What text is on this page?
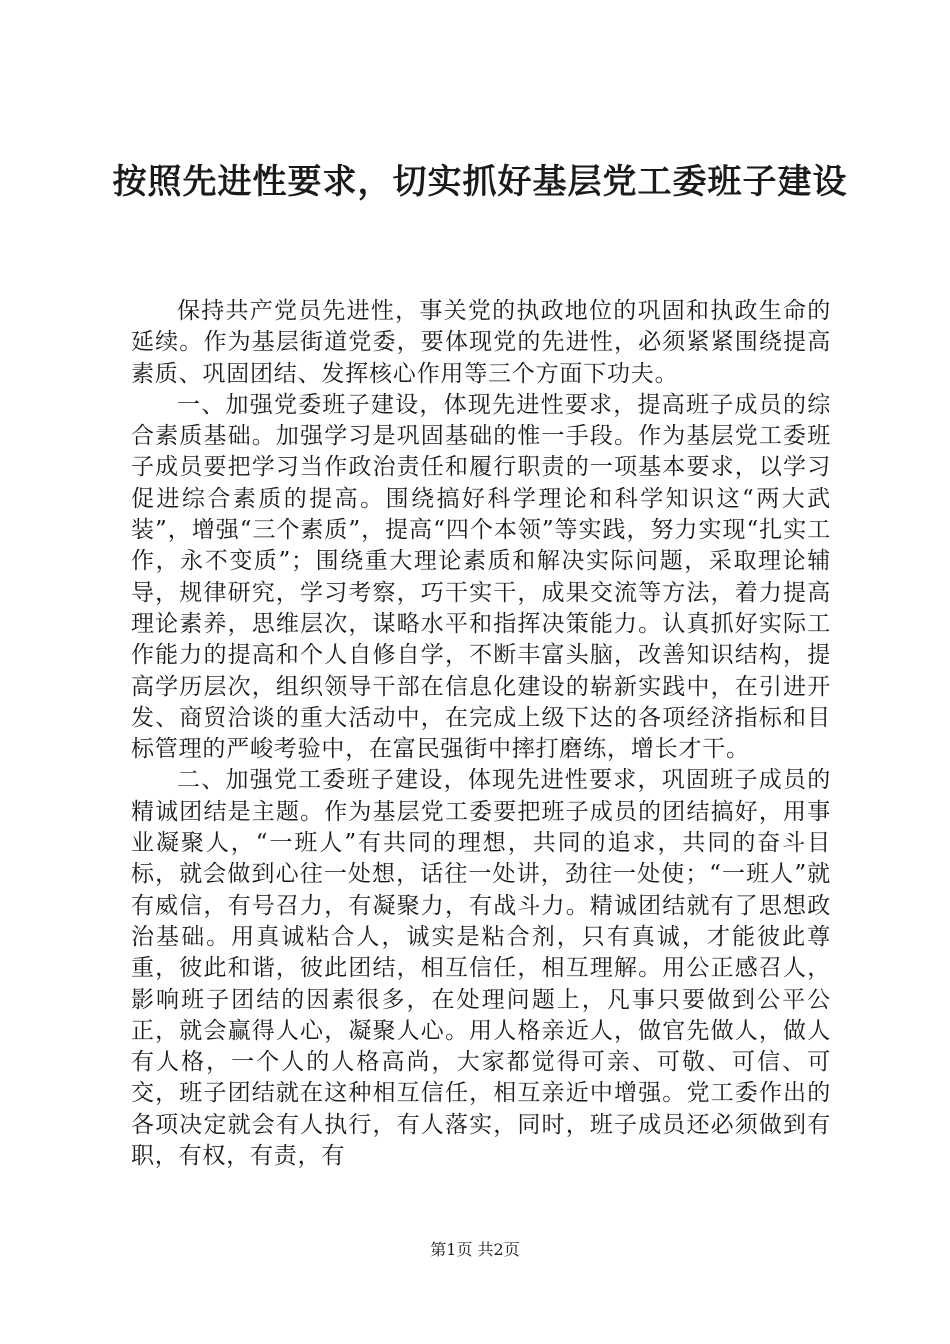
按照先进性要求，切实抓好基层党工委班子建设

保持共产党员先进性，事关党的执政地位的巩固和执政生命的延续。作为基层街道党委，要体现党的先进性，必须紧紧围绕提高素质、巩固团结、发挥核心作用等三个方面下功夫。

一、加强党委班子建设，体现先进性要求，提高班子成员的综合素质基础。加强学习是巩固基础的惟一手段。作为基层党工委班子成员要把学习当作政治责任和履行职责的一项基本要求，以学习促进综合素质的提高。围绕搞好科学理论和科学知识这“两大武装”，增强“三个素质”，提高“四个本领”等实践，努力实现“扎实工作，永不变质”；围绕重大理论素质和解决实际问题，采取理论辅导，规律研究，学习考察，巧干实干，成果交流等方法，着力提高理论素养，思维层次，谋略水平和指挥决策能力。认真抓好实际工作能力的提高和个人自修自学，不断丰富头脑，改善知识结构，提高学历层次，组织领导干部在信息化建设的崭新实践中，在引进开发、商贸洽谈的重大活动中，在完成上级下达的各项经济指标和目标管理的严峻考验中，在富民强街中摔打磨练，增长才干。

二、加强党工委班子建设，体现先进性要求，巩固班子成员的精诚团结是主题。作为基层党工委要把班子成员的团结搞好，用事业凝聚人，“一班人”有共同的理想，共同的追求，共同的奋斗目标，就会做到心往一处想，话往一处讲，劲往一处使；“一班人”就有威信，有号召力，有凝聚力，有战斗力。精诚团结就有了思想政治基础。用真诚粘合人，诚实是粘合剂，只有真诚，才能彼此尊重，彼此和谐，彼此团结，相互信任，相互理解。用公正感召人，影响班子团结的因素很多，在处理问题上，凡事只要做到公平公正，就会赢得人心，凝聚人心。用人格亲近人，做官先做人，做人有人格，一个人的人格高尚，大家都觉得可亲、可敬、可信、可交，班子团结就在这种相互信任，相互亲近中增强。党工委作出的各项决定就会有人执行，有人落实，同时，班子成员还必须做到有职，有权，有责，有

第1页 共2页
